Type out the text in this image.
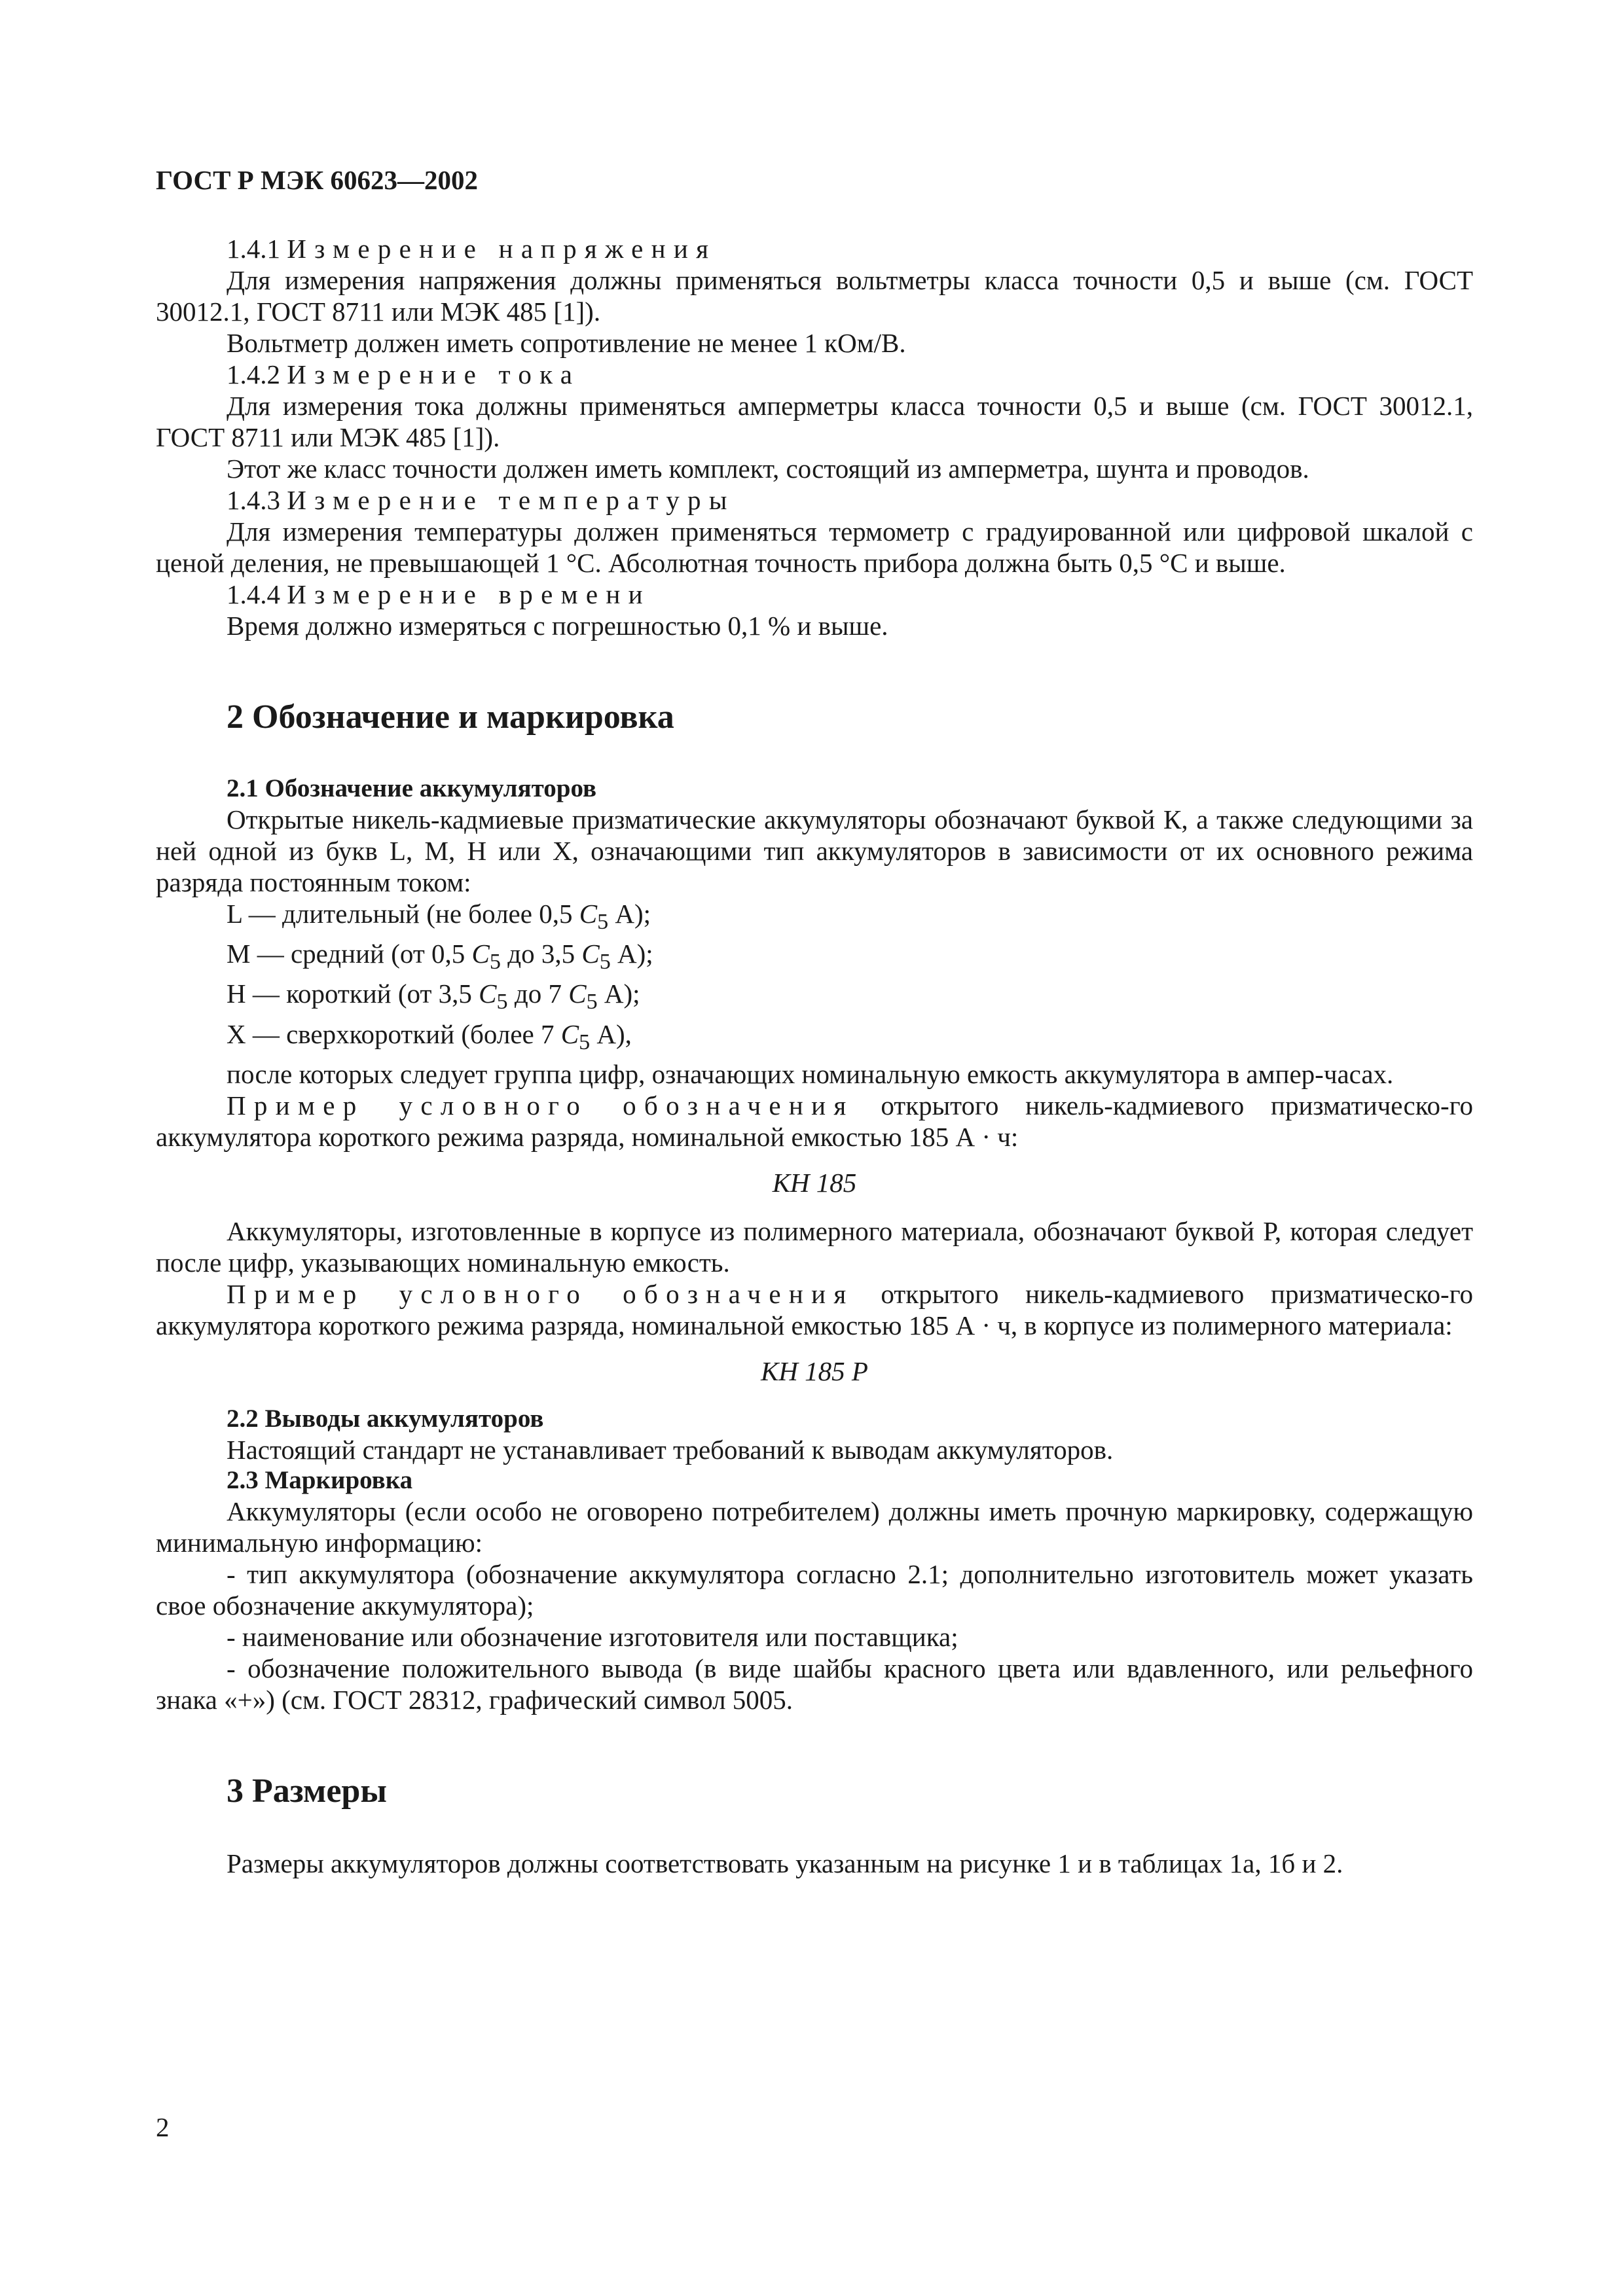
ГОСТ Р МЭК 60623—2002

1.4.1 Измерение напряжения

Для измерения напряжения должны применяться вольтметры класса точности 0,5 и выше (см. ГОСТ 30012.1, ГОСТ 8711 или МЭК 485 [1]).

Вольтметр должен иметь сопротивление не менее 1 кОм/В.

1.4.2 Измерение тока

Для измерения тока должны применяться амперметры класса точности 0,5 и выше (см. ГОСТ 30012.1, ГОСТ 8711 или МЭК 485 [1]).

Этот же класс точности должен иметь комплект, состоящий из амперметра, шунта и проводов.

1.4.3 Измерение температуры

Для измерения температуры должен применяться термометр с градуированной или цифровой шкалой с ценой деления, не превышающей 1 °С. Абсолютная точность прибора должна быть 0,5 °С и выше.

1.4.4 Измерение времени

Время должно измеряться с погрешностью 0,1 % и выше.

2 Обозначение и маркировка

2.1 Обозначение аккумуляторов

Открытые никель-кадмиевые призматические аккумуляторы обозначают буквой К, а также следующими за ней одной из букв L, М, Н или X, означающими тип аккумуляторов в зависимости от их основного режима разряда постоянным током:

L — длительный (не более 0,5 $C_5$ А);

М — средний (от 0,5 $C_5$ до 3,5 $C_5$ А);

Н — короткий (от 3,5 $C_5$ до 7 $C_5$ А);

X — сверхкороткий (более 7 $C_5$ А),

после которых следует группа цифр, означающих номинальную емкость аккумулятора в ампер-часах.

Пример условного обозначения открытого никель-кадмиевого призматическо-го аккумулятора короткого режима разряда, номинальной емкостью 185 А · ч:

КН 185

Аккумуляторы, изготовленные в корпусе из полимерного материала, обозначают буквой Р, которая следует после цифр, указывающих номинальную емкость.

Пример условного обозначения открытого никель-кадмиевого призматическо-го аккумулятора короткого режима разряда, номинальной емкостью 185 А · ч, в корпусе из полимерного материала:

КН 185 Р

2.2 Выводы аккумуляторов

Настоящий стандарт не устанавливает требований к выводам аккумуляторов.

2.3 Маркировка

Аккумуляторы (если особо не оговорено потребителем) должны иметь прочную маркировку, содержащую минимальную информацию:

- тип аккумулятора (обозначение аккумулятора согласно 2.1; дополнительно изготовитель может указать свое обозначение аккумулятора);

- наименование или обозначение изготовителя или поставщика;

- обозначение положительного вывода (в виде шайбы красного цвета или вдавленного, или рельефного знака «+») (см. ГОСТ 28312, графический символ 5005.

3 Размеры

Размеры аккумуляторов должны соответствовать указанным на рисунке 1 и в таблицах 1а, 1б и 2.

2
